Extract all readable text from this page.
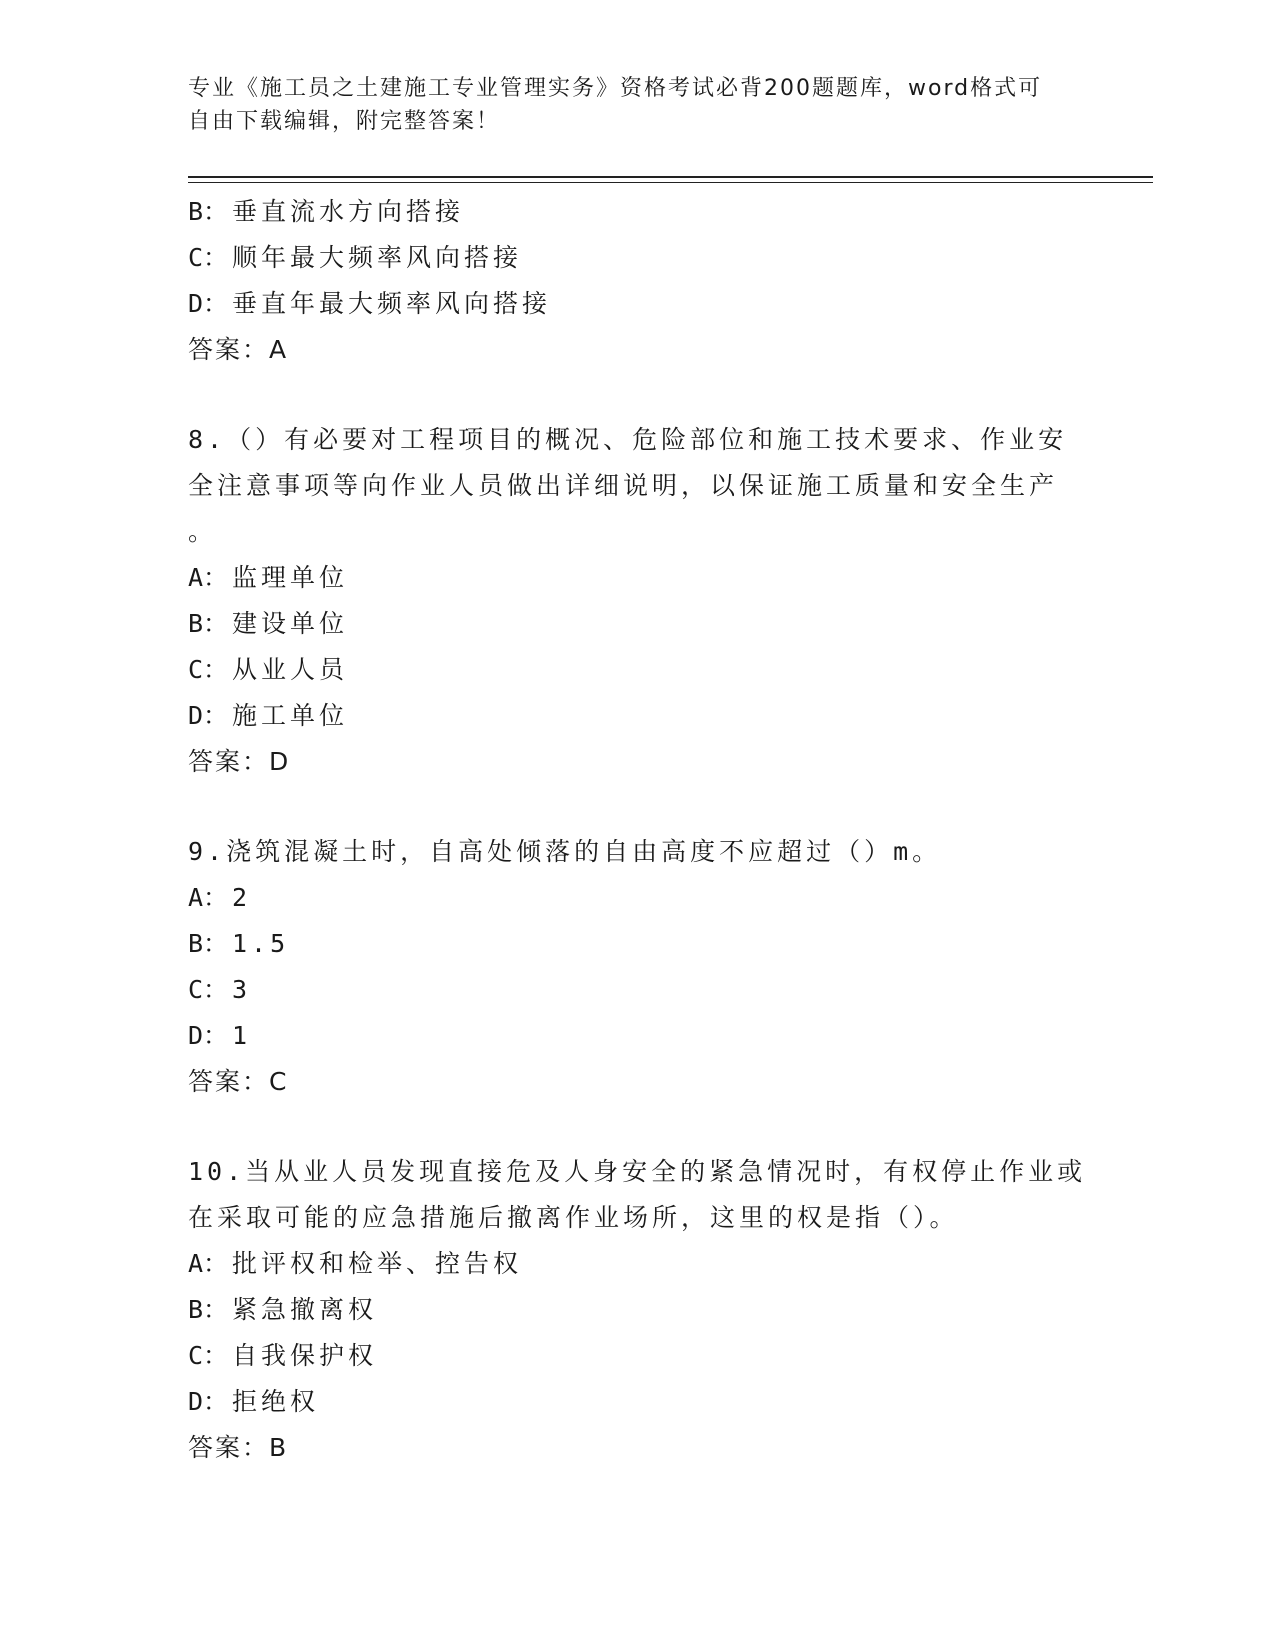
专业《施工员之土建施工专业管理实务》资格考试必背200题题库，word格式可
自由下载编辑，附完整答案！
B： 垂直流水方向搭接
C： 顺年最大频率风向搭接
D： 垂直年最大频率风向搭接
答案：A
8.（）有必要对工程项目的概况、危险部位和施工技术要求、作业安
全注意事项等向作业人员做出详细说明，以保证施工质量和安全生产
。
A： 监理单位
B： 建设单位
C： 从业人员
D： 施工单位
答案：D
9.浇筑混凝土时，自高处倾落的自由高度不应超过（）m。
A： 2
B： 1.5
C： 3
D： 1
答案：C
10.当从业人员发现直接危及人身安全的紧急情况时，有权停止作业或
在采取可能的应急措施后撤离作业场所，这里的权是指（）。
A： 批评权和检举、控告权
B： 紧急撤离权
C： 自我保护权
D： 拒绝权
答案：B
